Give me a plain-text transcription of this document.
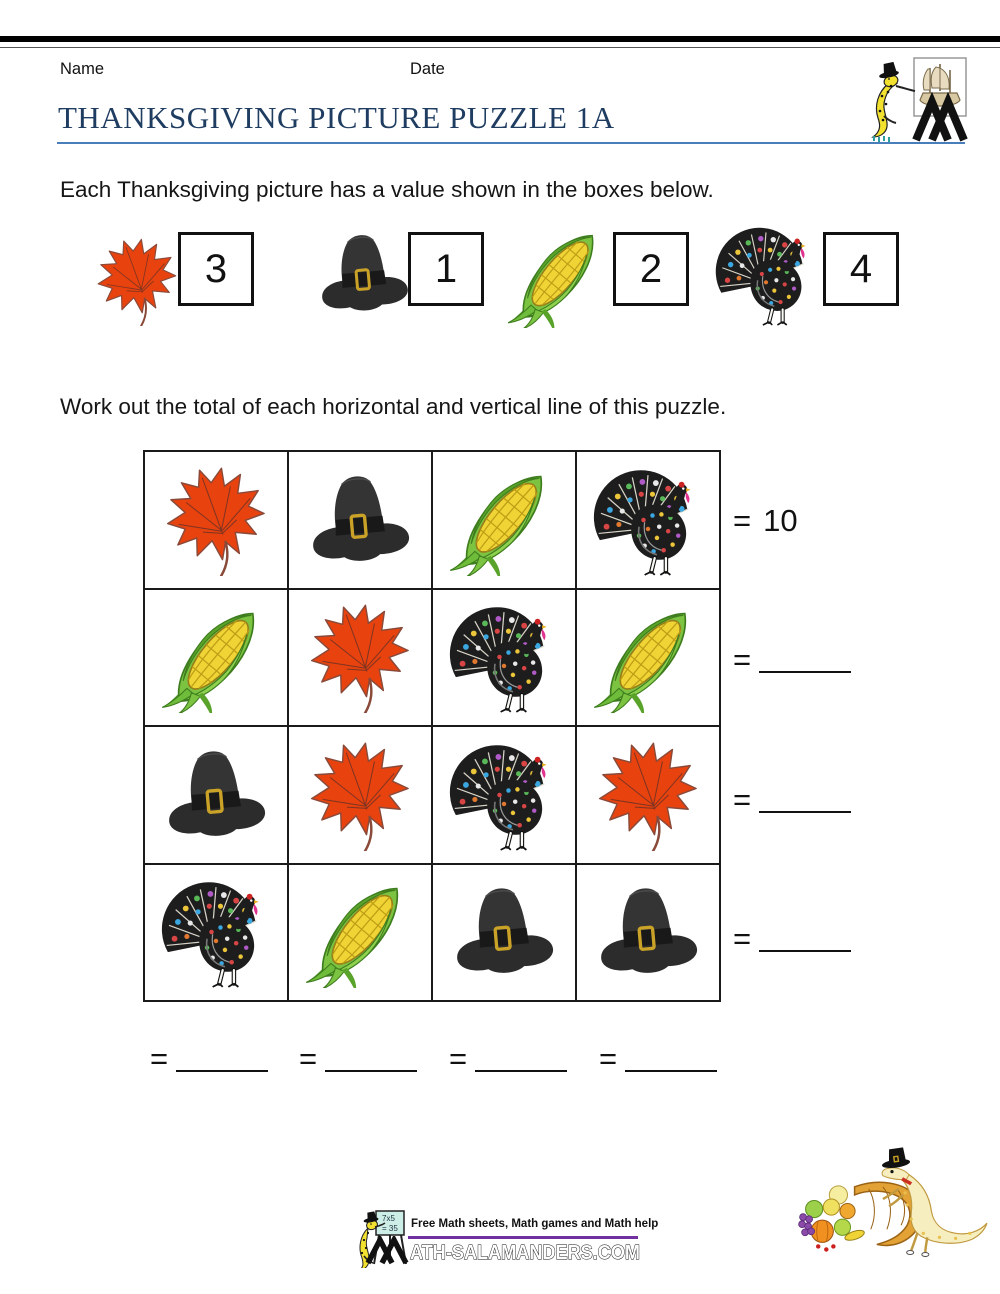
Name	Date
THANKSGIVING PICTURE PUZZLE 1A
Each Thanksgiving picture has a value shown in the boxes below.
3	1	2	4
Work out the total of each horizontal and vertical line of this puzzle.

= 10
=
=
=
=	=	=	=
7x5
= 35 Free Math sheets, Math games and Math help
ATH-SALAMANDERS.COM
